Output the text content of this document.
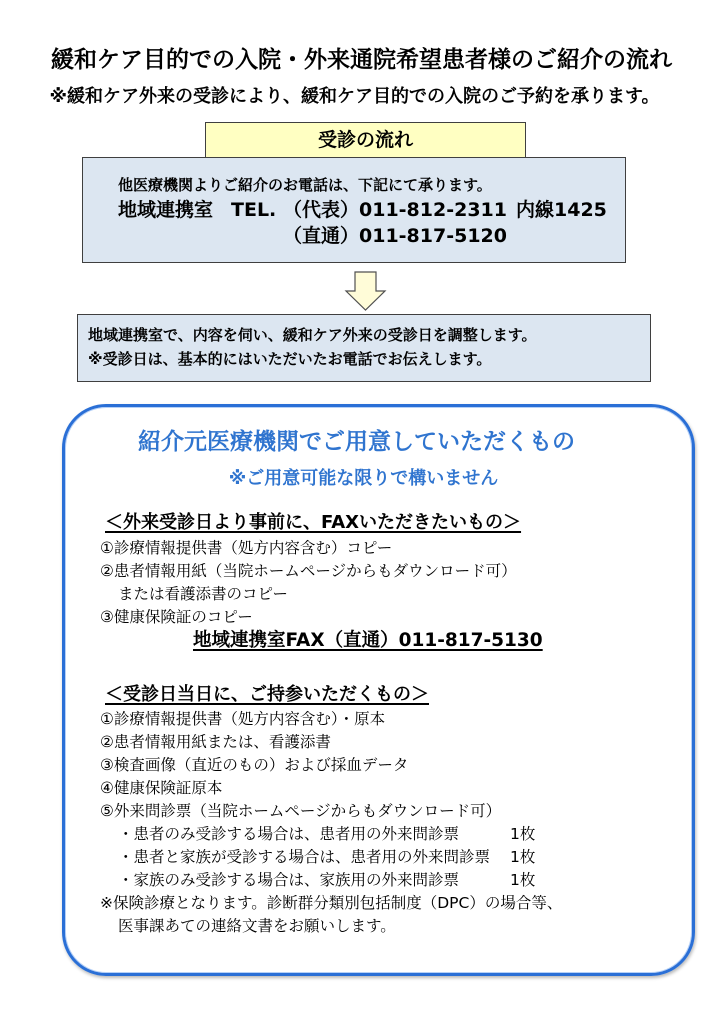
緩和ケア目的での入院・外来通院希望患者様のご紹介の流れ
※緩和ケア外来の受診により、緩和ケア目的での入院のご予約を承ります。
受診の流れ
他医療機関よりご紹介のお電話は、下記にて承ります。
地域連携室 TEL. （代表）011-812-2311 内線1425
（直通）011-817-5120
地域連携室で、内容を伺い、緩和ケア外来の受診日を調整します。
※受診日は、基本的にはいただいたお電話でお伝えします。
紹介元医療機関でご用意していただくもの
※ご用意可能な限りで構いません
＜外来受診日より事前に、FAXいただきたいもの＞
①診療情報提供書（処方内容含む）コピー
②患者情報用紙（当院ホームページからもダウンロード可）
または看護添書のコピー
③健康保険証のコピー
地域連携室FAX（直通）011-817-5130
＜受診日当日に、ご持参いただくもの＞
①診療情報提供書（処方内容含む）・原本
②患者情報用紙または、看護添書
③検査画像（直近のもの）および採血データ
④健康保険証原本
⑤外来問診票（当院ホームページからもダウンロード可）
・患者のみ受診する場合は、患者用の外来問診票	1枚
・患者と家族が受診する場合は、患者用の外来問診票 1枚
・家族のみ受診する場合は、家族用の外来問診票	1枚
※保険診療となります。診断群分類別包括制度（DPC）の場合等、
医事課あての連絡文書をお願いします。
